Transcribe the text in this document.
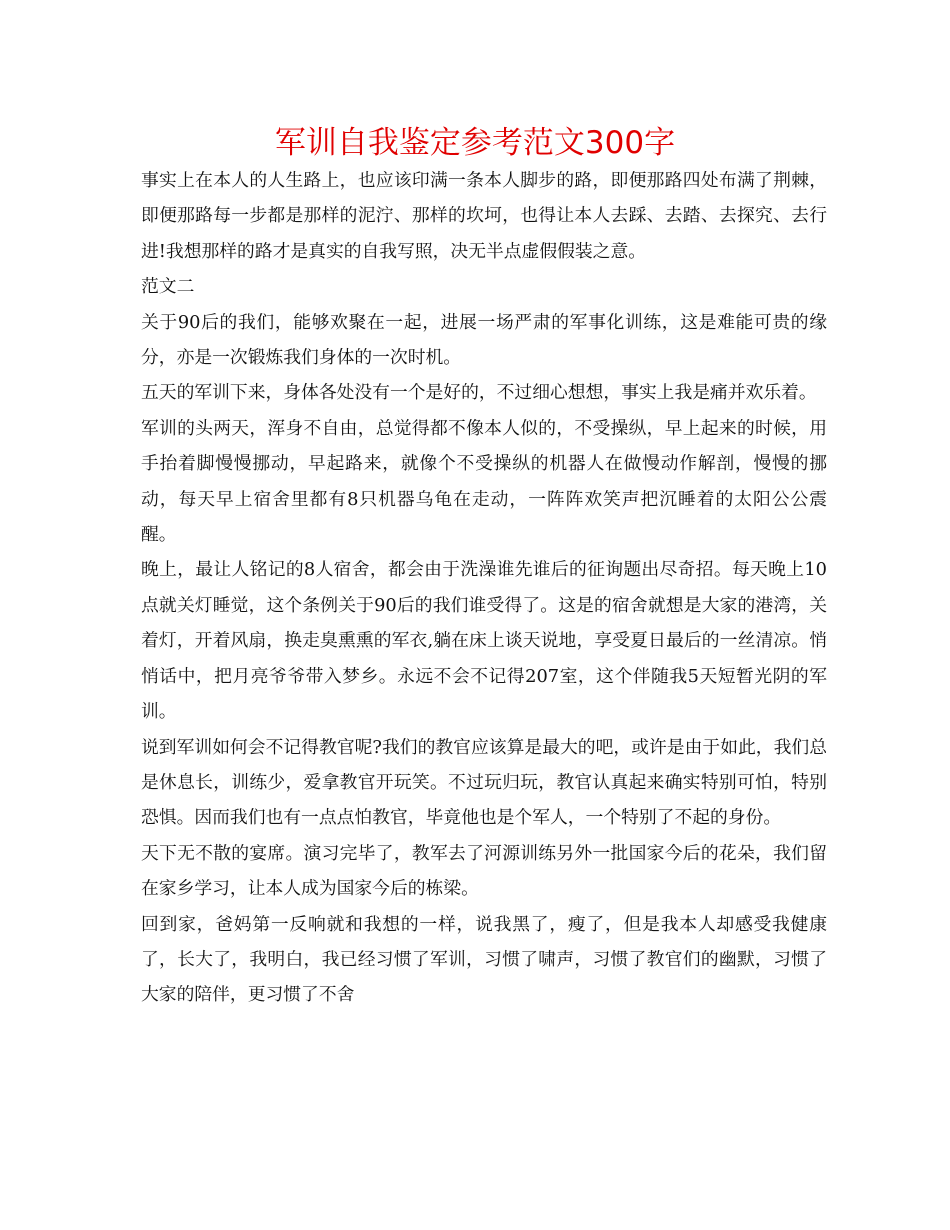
军训自我鉴定参考范文300字

事实上在本人的人生路上，也应该印满一条本人脚步的路，即便那路四处布满了荆棘，即便那路每一步都是那样的泥泞、那样的坎坷，也得让本人去踩、去踏、去探究、去行进!我想那样的路才是真实的自我写照，决无半点虚假假装之意。

范文二

关于90后的我们，能够欢聚在一起，进展一场严肃的军事化训练，这是难能可贵的缘分，亦是一次锻炼我们身体的一次时机。

五天的军训下来，身体各处没有一个是好的，不过细心想想，事实上我是痛并欢乐着。

军训的头两天，浑身不自由，总觉得都不像本人似的，不受操纵，早上起来的时候，用手抬着脚慢慢挪动，早起路来，就像个不受操纵的机器人在做慢动作解剖，慢慢的挪动，每天早上宿舍里都有8只机器乌龟在走动，一阵阵欢笑声把沉睡着的太阳公公震醒。

晚上，最让人铭记的8人宿舍，都会由于洗澡谁先谁后的征询题出尽奇招。每天晚上10点就关灯睡觉，这个条例关于90后的我们谁受得了。这是的宿舍就想是大家的港湾，关着灯，开着风扇，换走臭熏熏的军衣,躺在床上谈天说地，享受夏日最后的一丝清凉。悄悄话中，把月亮爷爷带入梦乡。永远不会不记得207室，这个伴随我5天短暂光阴的军训。

说到军训如何会不记得教官呢?我们的教官应该算是最大的吧，或许是由于如此，我们总是休息长，训练少，爱拿教官开玩笑。不过玩归玩，教官认真起来确实特别可怕，特别恐惧。因而我们也有一点点怕教官，毕竟他也是个军人，一个特别了不起的身份。

天下无不散的宴席。演习完毕了，教军去了河源训练另外一批国家今后的花朵，我们留在家乡学习，让本人成为国家今后的栋梁。

回到家，爸妈第一反响就和我想的一样，说我黑了，瘦了，但是我本人却感受我健康了，长大了，我明白，我已经习惯了军训，习惯了啸声，习惯了教官们的幽默，习惯了大家的陪伴，更习惯了不舍
